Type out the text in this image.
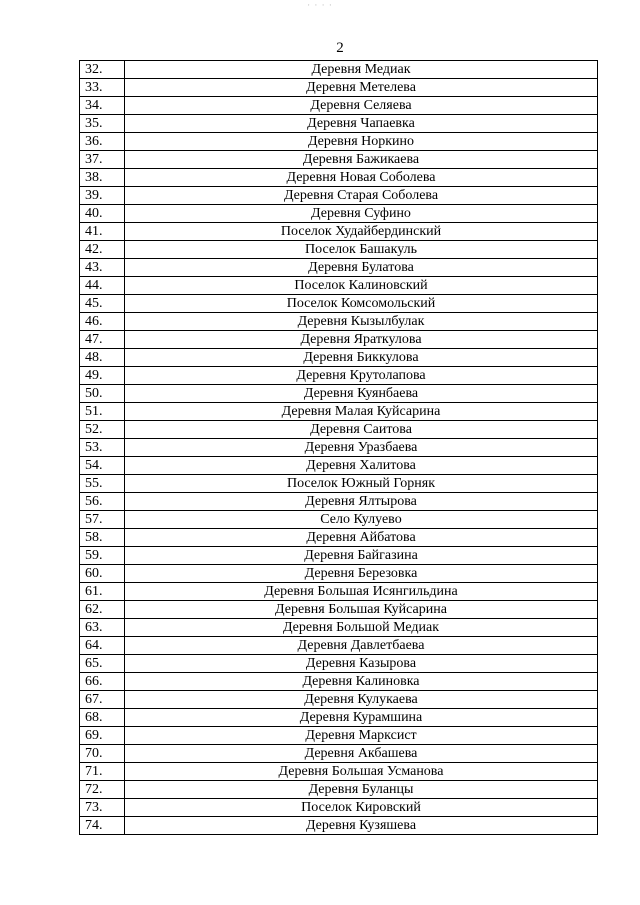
· · · ·
2
32.	Деревня Медиак
33.	Деревня Метелева
34.	Деревня Селяева
35.	Деревня Чапаевка
36.	Деревня Норкино
37.	Деревня Бажикаева
38.	Деревня Новая Соболева
39.	Деревня Старая Соболева
40.	Деревня Суфино
41.	Поселок Худайбердинский
42.	Поселок Башакуль
43.	Деревня Булатова
44.	Поселок Калиновский
45.	Поселок Комсомольский
46.	Деревня Кызылбулак
47.	Деревня Яраткулова
48.	Деревня Биккулова
49.	Деревня Крутолапова
50.	Деревня Куянбаева
51.	Деревня Малая Куйсарина
52.	Деревня Саитова
53.	Деревня Уразбаева
54.	Деревня Халитова
55.	Поселок Южный Горняк
56.	Деревня Ялтырова
57.	Село Кулуево
58.	Деревня Айбатова
59.	Деревня Байгазина
60.	Деревня Березовка
61.	Деревня Большая Исянгильдина
62.	Деревня Большая Куйсарина
63.	Деревня Большой Медиак
64.	Деревня Давлетбаева
65.	Деревня Казырова
66.	Деревня Калиновка
67.	Деревня Кулукаева
68.	Деревня Курамшина
69.	Деревня Марксист
70.	Деревня Акбашева
71.	Деревня Большая Усманова
72.	Деревня Буланцы
73.	Поселок Кировский
74.	Деревня Кузяшева
